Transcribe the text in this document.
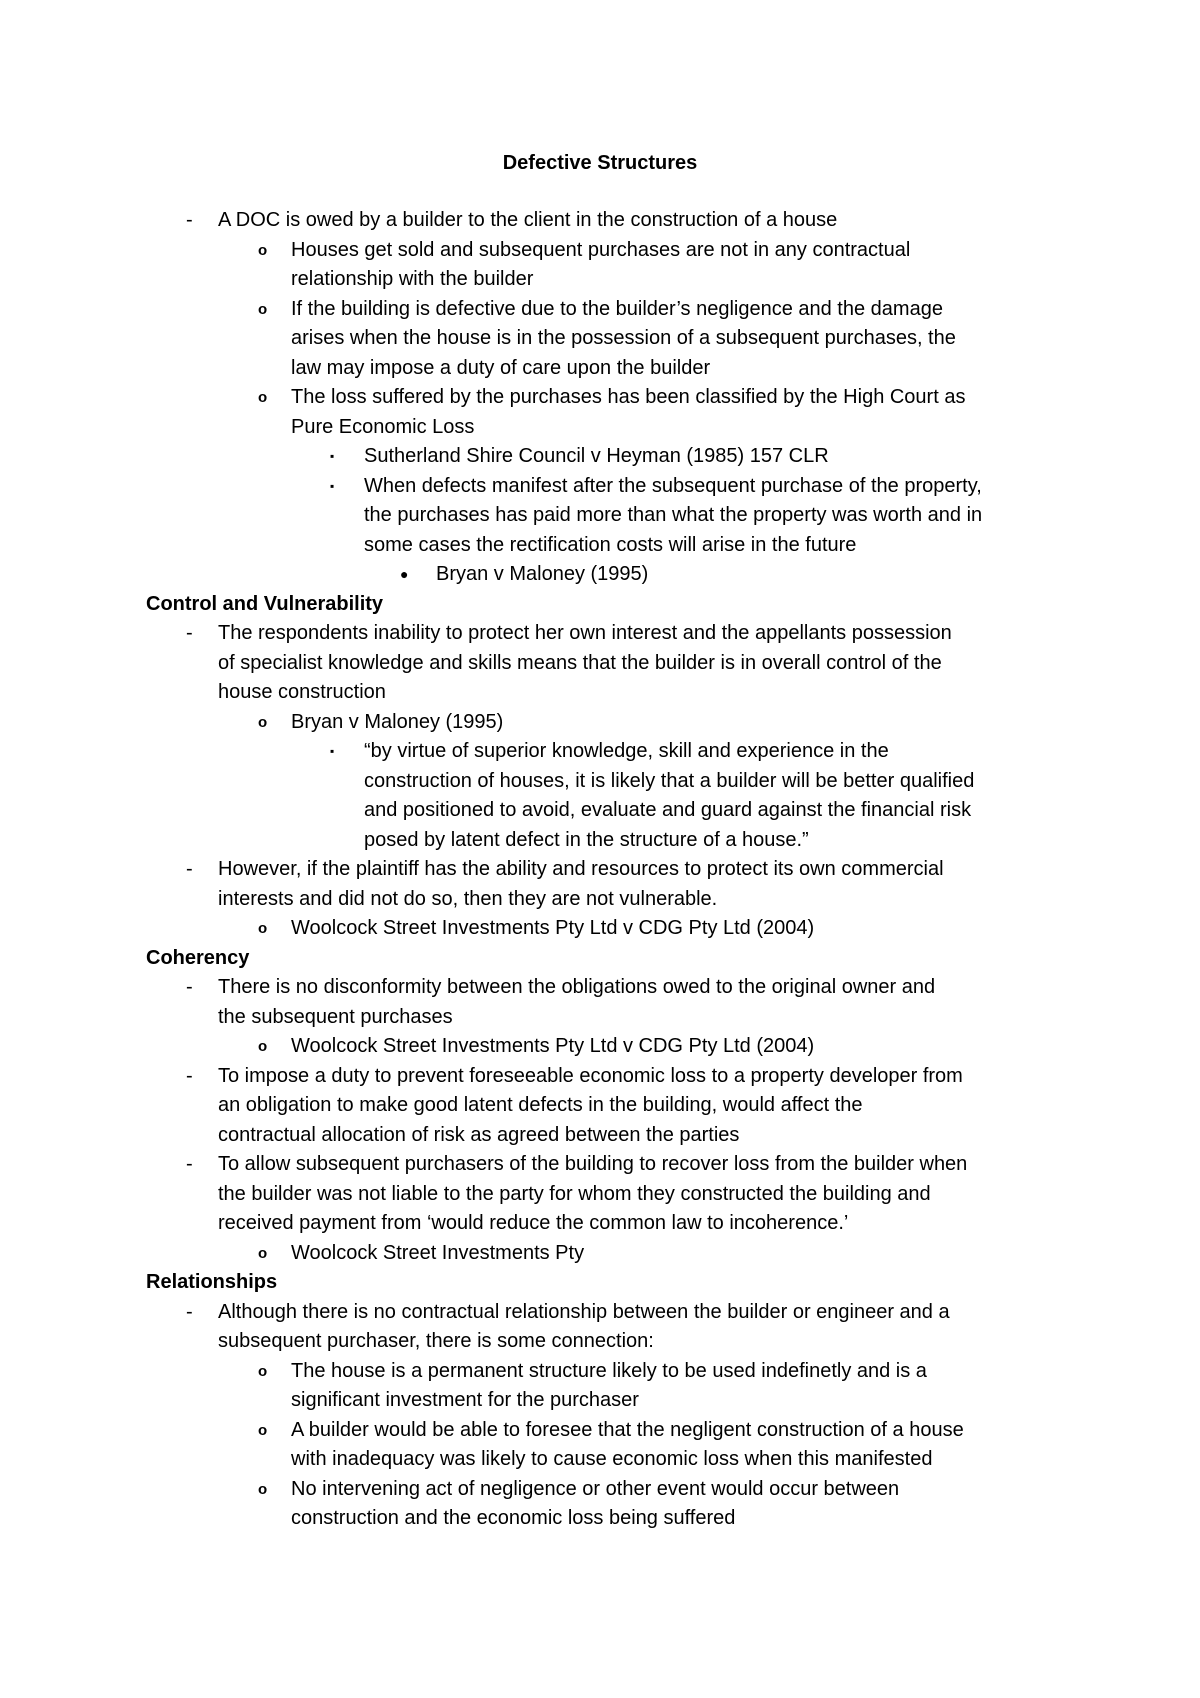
Defective Structures
- A DOC is owed by a builder to the client in the construction of a house
o Houses get sold and subsequent purchases are not in any contractual
relationship with the builder
o If the building is defective due to the builder’s negligence and the damage
arises when the house is in the possession of a subsequent purchases, the
law may impose a duty of care upon the builder
o The loss suffered by the purchases has been classified by the High Court as
Pure Economic Loss
▪ Sutherland Shire Council v Heyman (1985) 157 CLR
▪ When defects manifest after the subsequent purchase of the property,
the purchases has paid more than what the property was worth and in
some cases the rectification costs will arise in the future
● Bryan v Maloney (1995)
Control and Vulnerability
- The respondents inability to protect her own interest and the appellants possession
of specialist knowledge and skills means that the builder is in overall control of the
house construction
o Bryan v Maloney (1995)
▪ “by virtue of superior knowledge, skill and experience in the
construction of houses, it is likely that a builder will be better qualified
and positioned to avoid, evaluate and guard against the financial risk
posed by latent defect in the structure of a house.”
- However, if the plaintiff has the ability and resources to protect its own commercial
interests and did not do so, then they are not vulnerable.
o Woolcock Street Investments Pty Ltd v CDG Pty Ltd (2004)
Coherency
- There is no disconformity between the obligations owed to the original owner and
the subsequent purchases
o Woolcock Street Investments Pty Ltd v CDG Pty Ltd (2004)
- To impose a duty to prevent foreseeable economic loss to a property developer from
an obligation to make good latent defects in the building, would affect the
contractual allocation of risk as agreed between the parties
- To allow subsequent purchasers of the building to recover loss from the builder when
the builder was not liable to the party for whom they constructed the building and
received payment from ‘would reduce the common law to incoherence.’
o Woolcock Street Investments Pty
Relationships
- Although there is no contractual relationship between the builder or engineer and a
subsequent purchaser, there is some connection:
o The house is a permanent structure likely to be used indefinetly and is a
significant investment for the purchaser
o A builder would be able to foresee that the negligent construction of a house
with inadequacy was likely to cause economic loss when this manifested
o No intervening act of negligence or other event would occur between
construction and the economic loss being suffered
